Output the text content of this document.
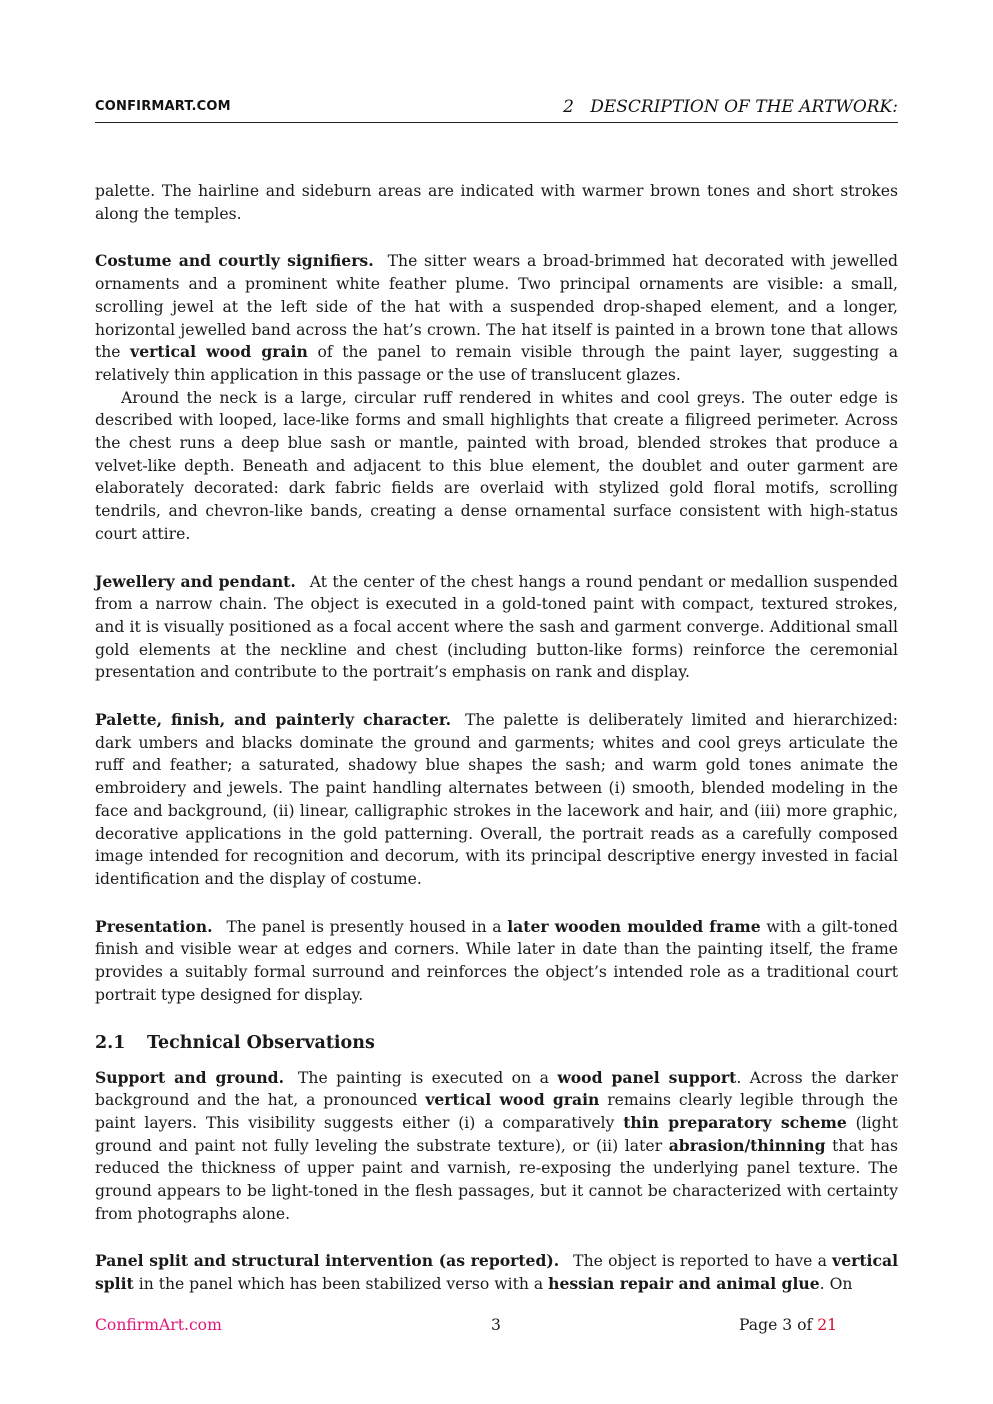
CONFIRMART.COM	2 DESCRIPTION OF THE ARTWORK:

palette. The hairline and sideburn areas are indicated with warmer brown tones and short strokes along the temples.

Costume and courtly signifiers. The sitter wears a broad-brimmed hat decorated with jewelled ornaments and a prominent white feather plume. Two principal ornaments are visible: a small, scrolling jewel at the left side of the hat with a suspended drop-shaped element, and a longer, horizontal jewelled band across the hat’s crown. The hat itself is painted in a brown tone that allows the vertical wood grain of the panel to remain visible through the paint layer, suggesting a relatively thin application in this passage or the use of translucent glazes.

Around the neck is a large, circular ruff rendered in whites and cool greys. The outer edge is described with looped, lace-like forms and small highlights that create a filigreed perimeter. Across the chest runs a deep blue sash or mantle, painted with broad, blended strokes that produce a velvet-like depth. Beneath and adjacent to this blue element, the doublet and outer garment are elaborately decorated: dark fabric fields are overlaid with stylized gold floral motifs, scrolling tendrils, and chevron-like bands, creating a dense ornamental surface consistent with high-status court attire.

Jewellery and pendant. At the center of the chest hangs a round pendant or medallion suspended from a narrow chain. The object is executed in a gold-toned paint with compact, textured strokes, and it is visually positioned as a focal accent where the sash and garment converge. Additional small gold elements at the neckline and chest (including button-like forms) reinforce the ceremonial presentation and contribute to the portrait’s emphasis on rank and display.

Palette, finish, and painterly character. The palette is deliberately limited and hierarchized: dark umbers and blacks dominate the ground and garments; whites and cool greys articulate the ruff and feather; a saturated, shadowy blue shapes the sash; and warm gold tones animate the embroidery and jewels. The paint handling alternates between (i) smooth, blended modeling in the face and background, (ii) linear, calligraphic strokes in the lacework and hair, and (iii) more graphic, decorative applications in the gold patterning. Overall, the portrait reads as a carefully composed image intended for recognition and decorum, with its principal descriptive energy invested in facial identification and the display of costume.

Presentation. The panel is presently housed in a later wooden moulded frame with a gilt-toned finish and visible wear at edges and corners. While later in date than the painting itself, the frame provides a suitably formal surround and reinforces the object’s intended role as a traditional court portrait type designed for display.

2.1 Technical Observations

Support and ground. The painting is executed on a wood panel support. Across the darker background and the hat, a pronounced vertical wood grain remains clearly legible through the paint layers. This visibility suggests either (i) a comparatively thin preparatory scheme (light ground and paint not fully leveling the substrate texture), or (ii) later abrasion/thinning that has reduced the thickness of upper paint and varnish, re-exposing the underlying panel texture. The ground appears to be light-toned in the flesh passages, but it cannot be characterized with certainty from photographs alone.

Panel split and structural intervention (as reported). The object is reported to have a vertical split in the panel which has been stabilized verso with a hessian repair and animal glue. On

ConfirmArt.com	3	Page 3 of 21
